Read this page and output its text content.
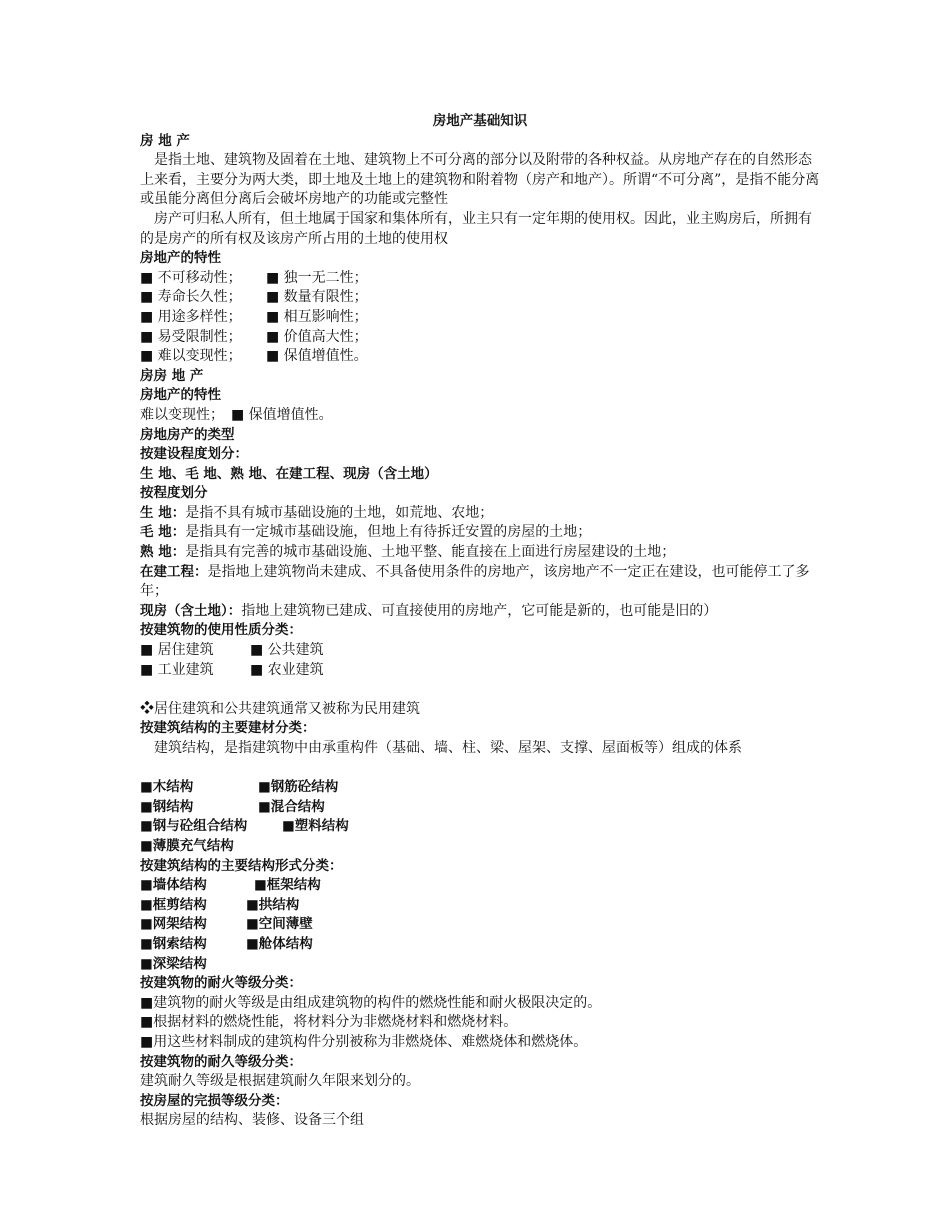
房地产基础知识

房 地 产

是指土地、建筑物及固着在土地、建筑物上不可分离的部分以及附带的各种权益。从房地产存在的自然形态上来看，主要分为两大类，即土地及土地上的建筑物和附着物（房产和地产）。所谓“不可分离”，是指不能分离或虽能分离但分离后会破坏房地产的功能或完整性

房产可归私人所有，但土地属于国家和集体所有，业主只有一定年期的使用权。因此，业主购房后，所拥有的是房产的所有权及该房产所占用的土地的使用权

房地产的特性

■ 不可移动性；	■ 独一无二性；
■ 寿命长久性；	■ 数量有限性；
■ 用途多样性；	■ 相互影响性；
■ 易受限制性；	■ 价值高大性；
■ 难以变现性；	■ 保值增值性。

房房 地 产

房地产的特性

难以变现性；　■ 保值增值性。

房地房产的类型

按建设程度划分：

生 地、毛 地、熟 地、在建工程、现房（含土地）

按程度划分

生 地：是指不具有城市基础设施的土地，如荒地、农地；

毛 地：是指具有一定城市基础设施，但地上有待拆迁安置的房屋的土地；

熟 地：是指具有完善的城市基础设施、土地平整、能直接在上面进行房屋建设的土地；

在建工程：是指地上建筑物尚未建成、不具备使用条件的房地产，该房地产不一定正在建设，也可能停工了多年；

现房（含土地）：指地上建筑物已建成、可直接使用的房地产，它可能是新的，也可能是旧的）

按建筑物的使用性质分类：

■ 居住建筑	■ 公共建筑
■ 工业建筑	■ 农业建筑

❖居住建筑和公共建筑通常又被称为民用建筑

按建筑结构的主要建材分类：

建筑结构，是指建筑物中由承重构件（基础、墙、柱、梁、屋架、支撑、屋面板等）组成的体系

■木结构	■钢筋砼结构
■钢结构	■混合结构
■钢与砼组合结构	■塑料结构
■薄膜充气结构

按建筑结构的主要结构形式分类：

■墙体结构	■框架结构
■框剪结构	■拱结构
■网架结构	■空间薄壁
■钢索结构	■舱体结构
■深梁结构

按建筑物的耐火等级分类：

■建筑物的耐火等级是由组成建筑物的构件的燃烧性能和耐火极限决定的。

■根据材料的燃烧性能，将材料分为非燃烧材料和燃烧材料。

■用这些材料制成的建筑构件分别被称为非燃烧体、难燃烧体和燃烧体。

按建筑物的耐久等级分类：

建筑耐久等级是根据建筑耐久年限来划分的。

按房屋的完损等级分类：

根据房屋的结构、装修、设备三个组
